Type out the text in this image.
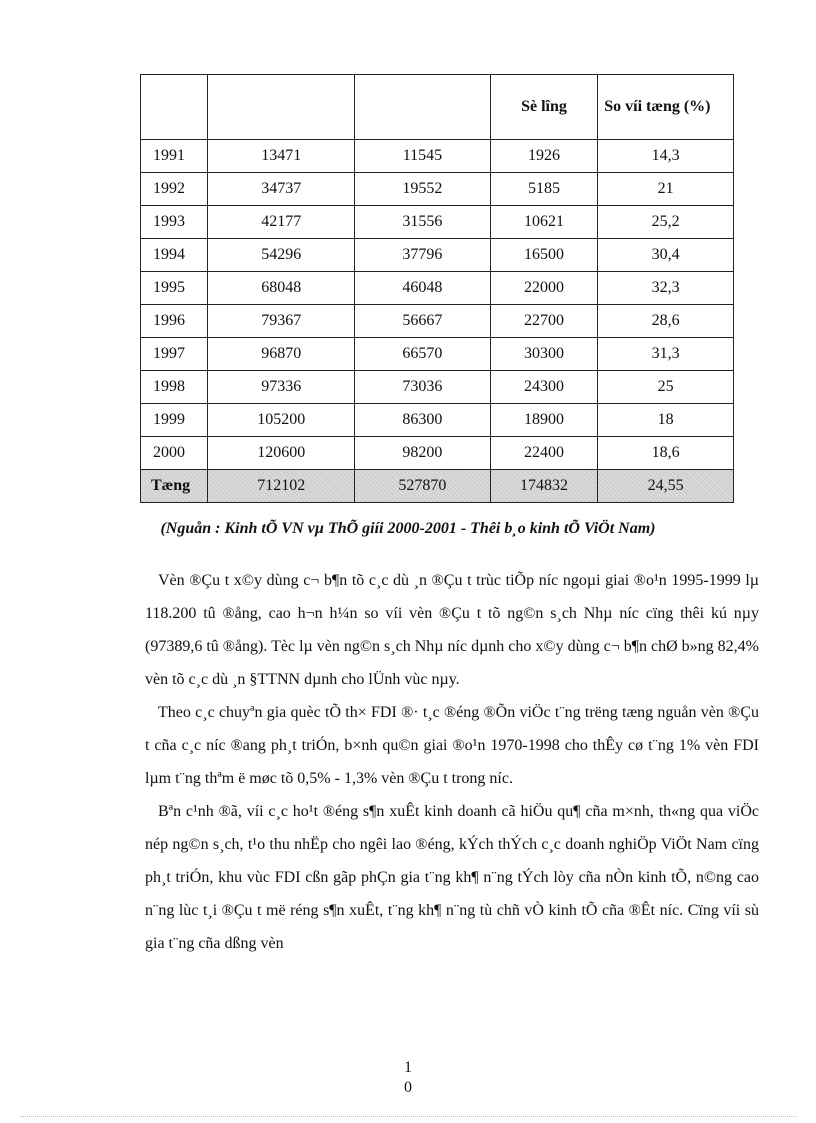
			Sè lîng	So víi tæng (%)
1991	13471	11545	1926	14,3
1992	34737	19552	5185	21
1993	42177	31556	10621	25,2
1994	54296	37796	16500	30,4
1995	68048	46048	22000	32,3
1996	79367	56667	22700	28,6
1997	96870	66570	30300	31,3
1998	97336	73036	24300	25
1999	105200	86300	18900	18
2000	120600	98200	22400	18,6
Tæng	712102	527870	174832	24,55
(Nguån : Kinh tÕ VN vµ ThÕ giíi 2000-2001 - Thêi b¸o kinh tÕ ViÖt Nam)

Vèn ®Çu t x©y dùng c¬ b¶n tõ c¸c dù ¸n ®Çu t trùc tiÕp níc ngoµi giai ®o¹n 1995-1999 lµ 118.200 tû ®ång, cao h¬n h¼n so víi vèn ®Çu t tõ ng©n s¸ch Nhµ níc cïng thêi kú nµy (97389,6 tû ®ång). Tèc lµ vèn ng©n s¸ch Nhµ níc dµnh cho x©y dùng c¬ b¶n chØ b»ng 82,4% vèn tõ c¸c dù ¸n §TTNN dµnh cho lÜnh vùc nµy.

Theo c¸c chuyªn gia quèc tÕ th× FDI ®· t¸c ®éng ®Õn viÖc t¨ng trëng tæng nguån vèn ®Çu t cña c¸c níc ®ang ph¸t triÓn, b×nh qu©n giai ®o¹n 1970-1998 cho thÊy cø t¨ng 1% vèn FDI lµm t¨ng thªm ë møc tõ 0,5% - 1,3% vèn ®Çu t trong níc.

Bªn c¹nh ®ã, víi c¸c ho¹t ®éng s¶n xuÊt kinh doanh cã hiÖu qu¶ cña m×nh, th«ng qua viÖc nép ng©n s¸ch, t¹o thu nhËp cho ngêi lao ®éng, kÝch thÝch c¸c doanh nghiÖp ViÖt Nam cïng ph¸t triÓn, khu vùc FDI cßn gãp phÇn gia t¨ng kh¶ n¨ng tÝch lòy cña nÒn kinh tÕ, n©ng cao n¨ng lùc t¸i ®Çu t më réng s¶n xuÊt, t¨ng kh¶ n¨ng tù chñ vÒ kinh tÕ cña ®Êt níc. Cïng víi sù gia t¨ng cña dßng vèn

1
0
